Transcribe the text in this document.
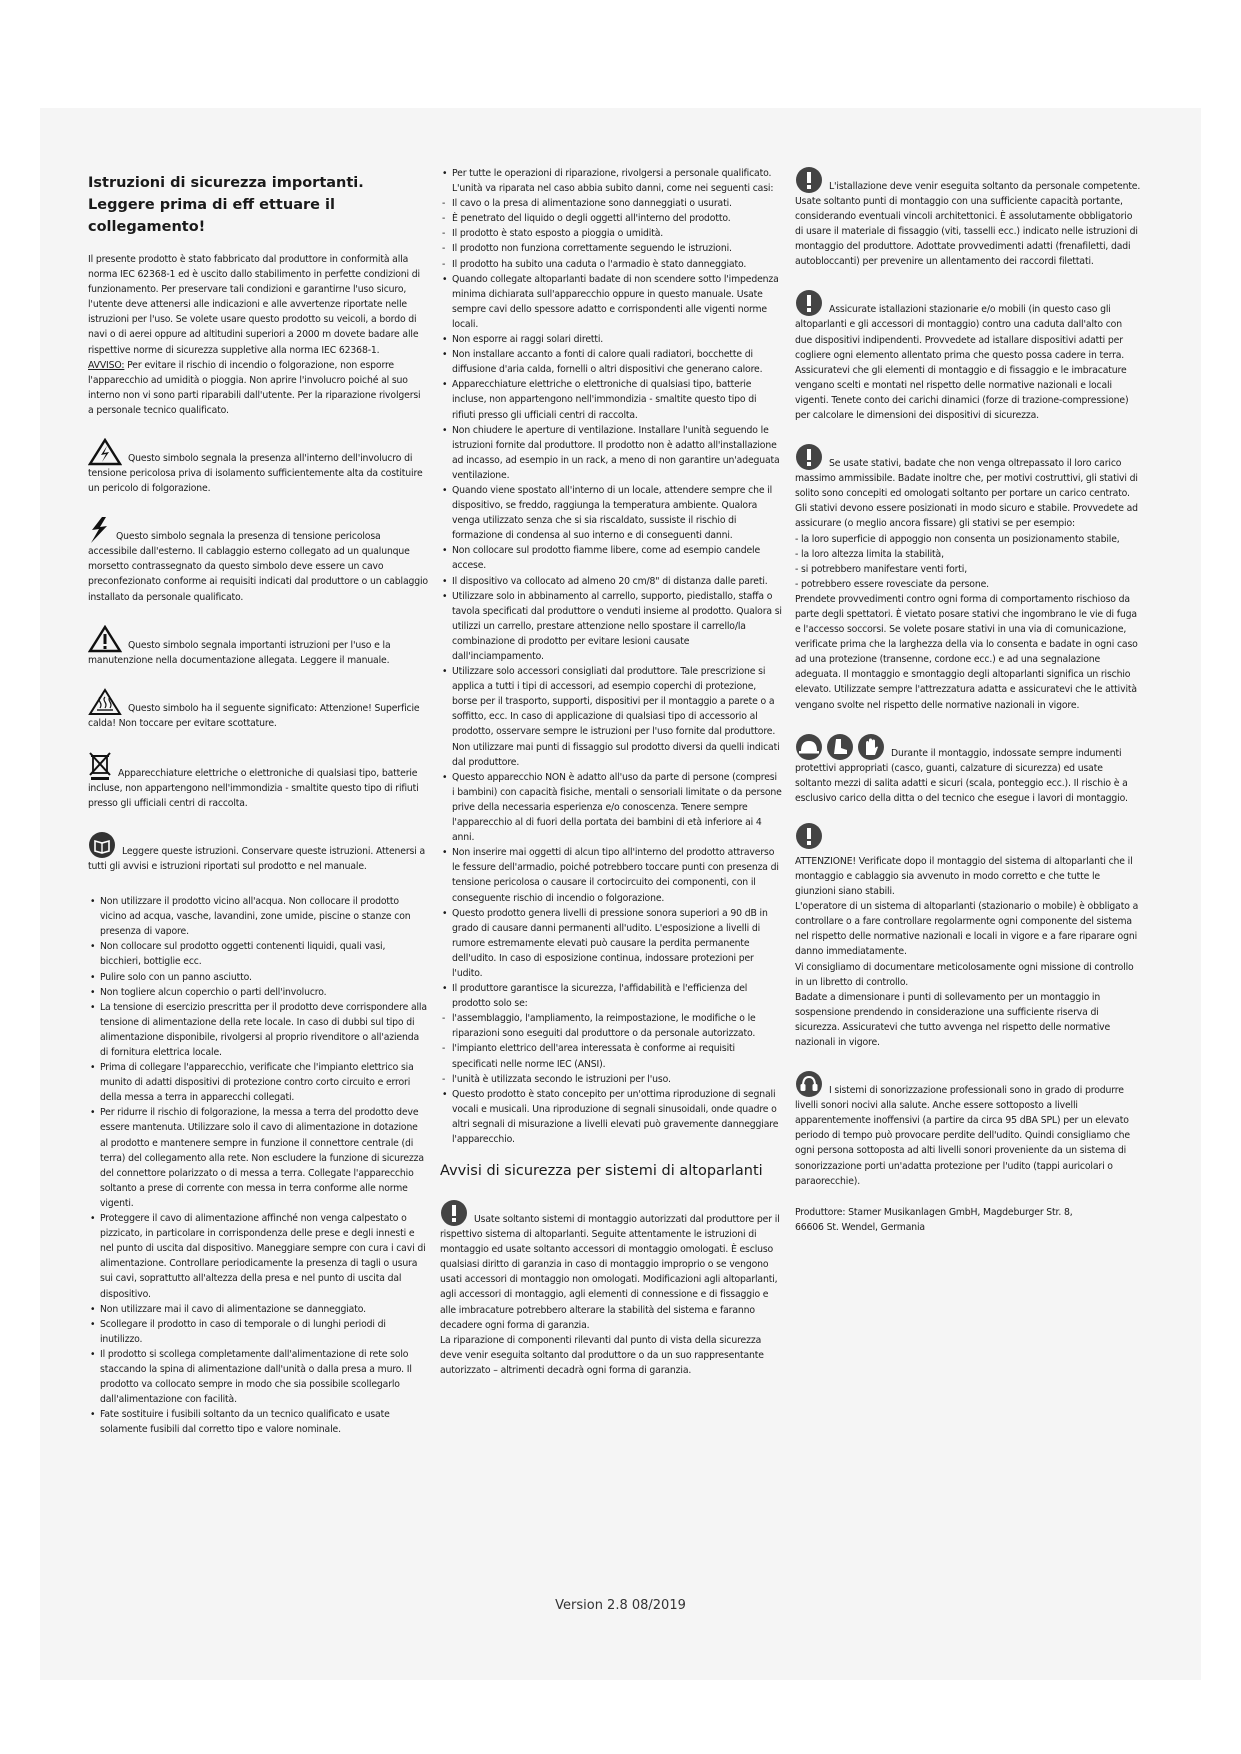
Istruzioni di sicurezza importanti.
Leggere prima di eff ettuare il collegamento!

Il presente prodotto è stato fabbricato dal produttore in conformità alla norma IEC 62368-1 ed è uscito dallo stabilimento in perfette condizioni di funzionamento. Per preservare tali condizioni e garantirne l'uso sicuro, l'utente deve attenersi alle indicazioni e alle avvertenze riportate nelle istruzioni per l'uso. Se volete usare questo prodotto su veicoli, a bordo di navi o di aerei oppure ad altitudini superiori a 2000 m dovete badare alle rispettive norme di sicurezza suppletive alla norma IEC 62368-1.

AVVISO: Per evitare il rischio di incendio o folgorazione, non esporre l'apparecchio ad umidità o pioggia. Non aprire l'involucro poiché al suo interno non vi sono parti riparabili dall'utente. Per la riparazione rivolgersi a personale tecnico qualificato.

Questo simbolo segnala la presenza all'interno dell'involucro di tensione pericolosa priva di isolamento sufficientemente alta da costituire un pericolo di folgorazione.

Questo simbolo segnala la presenza di tensione pericolosa accessibile dall'esterno. Il cablaggio esterno collegato ad un qualunque morsetto contrassegnato da questo simbolo deve essere un cavo preconfezionato conforme ai requisiti indicati dal produttore o un cablaggio installato da personale qualificato.

Questo simbolo segnala importanti istruzioni per l'uso e la manutenzione nella documentazione allegata. Leggere il manuale.

Questo simbolo ha il seguente significato: Attenzione! Superficie calda! Non toccare per evitare scottature.

Apparecchiature elettriche o elettroniche di qualsiasi tipo, batterie incluse, non appartengono nell'immondizia - smaltite questo tipo di rifiuti presso gli ufficiali centri di raccolta.

Leggere queste istruzioni. Conservare queste istruzioni. Attenersi a tutti gli avvisi e istruzioni riportati sul prodotto e nel manuale.

• Non utilizzare il prodotto vicino all'acqua. Non collocare il prodotto vicino ad acqua, vasche, lavandini, zone umide, piscine o stanze con presenza di vapore.
• Non collocare sul prodotto oggetti contenenti liquidi, quali vasi, bicchieri, bottiglie ecc.
• Pulire solo con un panno asciutto.
• Non togliere alcun coperchio o parti dell'involucro.
• La tensione di esercizio prescritta per il prodotto deve corrispondere alla tensione di alimentazione della rete locale. In caso di dubbi sul tipo di alimentazione disponibile, rivolgersi al proprio rivenditore o all'azienda di fornitura elettrica locale.
• Prima di collegare l'apparecchio, verificate che l'impianto elettrico sia munito di adatti dispositivi di protezione contro corto circuito e errori della messa a terra in apparecchi collegati.
• Per ridurre il rischio di folgorazione, la messa a terra del prodotto deve essere mantenuta. Utilizzare solo il cavo di alimentazione in dotazione al prodotto e mantenere sempre in funzione il connettore centrale (di terra) del collegamento alla rete. Non escludere la funzione di sicurezza del connettore polarizzato o di messa a terra. Collegate l'apparecchio soltanto a prese di corrente con messa in terra conforme alle norme vigenti.
• Proteggere il cavo di alimentazione affinché non venga calpestato o pizzicato, in particolare in corrispondenza delle prese e degli innesti e nel punto di uscita dal dispositivo. Maneggiare sempre con cura i cavi di alimentazione. Controllare periodicamente la presenza di tagli o usura sui cavi, soprattutto all'altezza della presa e nel punto di uscita dal dispositivo.
• Non utilizzare mai il cavo di alimentazione se danneggiato.
• Scollegare il prodotto in caso di temporale o di lunghi periodi di inutilizzo.
• Il prodotto si scollega completamente dall'alimentazione di rete solo staccando la spina di alimentazione dall'unità o dalla presa a muro. Il prodotto va collocato sempre in modo che sia possibile scollegarlo dall'alimentazione con facilità.
• Fate sostituire i fusibili soltanto da un tecnico qualificato e usate solamente fusibili dal corretto tipo e valore nominale.
• Per tutte le operazioni di riparazione, rivolgersi a personale qualificato. L'unità va riparata nel caso abbia subito danni, come nei seguenti casi:
- Il cavo o la presa di alimentazione sono danneggiati o usurati.
- È penetrato del liquido o degli oggetti all'interno del prodotto.
- Il prodotto è stato esposto a pioggia o umidità.
- Il prodotto non funziona correttamente seguendo le istruzioni.
- Il prodotto ha subito una caduta o l'armadio è stato danneggiato.
• Quando collegate altoparlanti badate di non scendere sotto l'impedenza minima dichiarata sull'apparecchio oppure in questo manuale. Usate sempre cavi dello spessore adatto e corrispondenti alle vigenti norme locali.
• Non esporre ai raggi solari diretti.
• Non installare accanto a fonti di calore quali radiatori, bocchette di diffusione d'aria calda, fornelli o altri dispositivi che generano calore.
• Apparecchiature elettriche o elettroniche di qualsiasi tipo, batterie incluse, non appartengono nell'immondizia - smaltite questo tipo di rifiuti presso gli ufficiali centri di raccolta.
• Non chiudere le aperture di ventilazione. Installare l'unità seguendo le istruzioni fornite dal produttore. Il prodotto non è adatto all'installazione ad incasso, ad esempio in un rack, a meno di non garantire un'adeguata ventilazione.
• Quando viene spostato all'interno di un locale, attendere sempre che il dispositivo, se freddo, raggiunga la temperatura ambiente. Qualora venga utilizzato senza che si sia riscaldato, sussiste il rischio di formazione di condensa al suo interno e di conseguenti danni.
• Non collocare sul prodotto fiamme libere, come ad esempio candele accese.
• Il dispositivo va collocato ad almeno 20 cm/8" di distanza dalle pareti.
• Utilizzare solo in abbinamento al carrello, supporto, piedistallo, staffa o tavola specificati dal produttore o venduti insieme al prodotto. Qualora si utilizzi un carrello, prestare attenzione nello spostare il carrello/la combinazione di prodotto per evitare lesioni causate dall'inciampamento.
• Utilizzare solo accessori consigliati dal produttore. Tale prescrizione si applica a tutti i tipi di accessori, ad esempio coperchi di protezione, borse per il trasporto, supporti, dispositivi per il montaggio a parete o a soffitto, ecc. In caso di applicazione di qualsiasi tipo di accessorio al prodotto, osservare sempre le istruzioni per l'uso fornite dal produttore. Non utilizzare mai punti di fissaggio sul prodotto diversi da quelli indicati dal produttore.
• Questo apparecchio NON è adatto all'uso da parte di persone (compresi i bambini) con capacità fisiche, mentali o sensoriali limitate o da persone prive della necessaria esperienza e/o conoscenza. Tenere sempre l'apparecchio al di fuori della portata dei bambini di età inferiore ai 4 anni.
• Non inserire mai oggetti di alcun tipo all'interno del prodotto attraverso le fessure dell'armadio, poiché potrebbero toccare punti con presenza di tensione pericolosa o causare il cortocircuito dei componenti, con il conseguente rischio di incendio o folgorazione.
• Questo prodotto genera livelli di pressione sonora superiori a 90 dB in grado di causare danni permanenti all'udito. L'esposizione a livelli di rumore estremamente elevati può causare la perdita permanente dell'udito. In caso di esposizione continua, indossare protezioni per l'udito.
• Il produttore garantisce la sicurezza, l'affidabilità e l'efficienza del prodotto solo se:
- l'assemblaggio, l'ampliamento, la reimpostazione, le modifiche o le riparazioni sono eseguiti dal produttore o da personale autorizzato.
- l'impianto elettrico dell'area interessata è conforme ai requisiti specificati nelle norme IEC (ANSI).
- l'unità è utilizzata secondo le istruzioni per l'uso.
• Questo prodotto è stato concepito per un'ottima riproduzione di segnali vocali e musicali. Una riproduzione di segnali sinusoidali, onde quadre o altri segnali di misurazione a livelli elevati può gravemente danneggiare l'apparecchio.
Avvisi di sicurezza per sistemi di altoparlanti

Usate soltanto sistemi di montaggio autorizzati dal produttore per il rispettivo sistema di altoparlanti. Seguite attentamente le istruzioni di montaggio ed usate soltanto accessori di montaggio omologati. È escluso qualsiasi diritto di garanzia in caso di montaggio improprio o se vengono usati accessori di montaggio non omologati. Modificazioni agli altoparlanti, agli accessori di montaggio, agli elementi di connessione e di fissaggio e alle imbracature potrebbero alterare la stabilità del sistema e faranno decadere ogni forma di garanzia.

La riparazione di componenti rilevanti dal punto di vista della sicurezza deve venir eseguita soltanto dal produttore o da un suo rappresentante autorizzato – altrimenti decadrà ogni forma di garanzia.

L'istallazione deve venir eseguita soltanto da personale competente. Usate soltanto punti di montaggio con una sufficiente capacità portante, considerando eventuali vincoli architettonici. È assolutamente obbligatorio di usare il materiale di fissaggio (viti, tasselli ecc.) indicato nelle istruzioni di montaggio del produttore. Adottate provvedimenti adatti (frenafiletti, dadi autobloccanti) per prevenire un allentamento dei raccordi filettati.

Assicurate istallazioni stazionarie e/o mobili (in questo caso gli altoparlanti e gli accessori di montaggio) contro una caduta dall'alto con due dispositivi indipendenti. Provvedete ad istallare dispositivi adatti per cogliere ogni elemento allentato prima che questo possa cadere in terra. Assicuratevi che gli elementi di montaggio e di fissaggio e le imbracature vengano scelti e montati nel rispetto delle normative nazionali e locali vigenti. Tenete conto dei carichi dinamici (forze di trazione-compressione) per calcolare le dimensioni dei dispositivi di sicurezza.

Se usate stativi, badate che non venga oltrepassato il loro carico massimo ammissibile. Badate inoltre che, per motivi costruttivi, gli stativi di solito sono concepiti ed omologati soltanto per portare un carico centrato. Gli stativi devono essere posizionati in modo sicuro e stabile. Provvedete ad assicurare (o meglio ancora fissare) gli stativi se per esempio:

- la loro superficie di appoggio non consenta un posizionamento stabile,

- la loro altezza limita la stabilità,

- si potrebbero manifestare venti forti,

- potrebbero essere rovesciate da persone.

Prendete provvedimenti contro ogni forma di comportamento rischioso da parte degli spettatori. È vietato posare stativi che ingombrano le vie di fuga e l'accesso soccorsi. Se volete posare stativi in una via di comunicazione, verificate prima che la larghezza della via lo consenta e badate in ogni caso ad una protezione (transenne, cordone ecc.) e ad una segnalazione adeguata. Il montaggio e smontaggio degli altoparlanti significa un rischio elevato. Utilizzate sempre l'attrezzatura adatta e assicuratevi che le attività vengano svolte nel rispetto delle normative nazionali in vigore.

Durante il montaggio, indossate sempre indumenti protettivi appropriati (casco, guanti, calzature di sicurezza) ed usate soltanto mezzi di salita adatti e sicuri (scala, ponteggio ecc.). Il rischio è a esclusivo carico della ditta o del tecnico che esegue i lavori di montaggio.

ATTENZIONE! Verificate dopo il montaggio del sistema di altoparlanti che il montaggio e cablaggio sia avvenuto in modo corretto e che tutte le giunzioni siano stabili.

L'operatore di un sistema di altoparlanti (stazionario o mobile) è obbligato a controllare o a fare controllare regolarmente ogni componente del sistema nel rispetto delle normative nazionali e locali in vigore e a fare riparare ogni danno immediatamente.

Vi consigliamo di documentare meticolosamente ogni missione di controllo in un libretto di controllo.

Badate a dimensionare i punti di sollevamento per un montaggio in sospensione prendendo in considerazione una sufficiente riserva di sicurezza. Assicuratevi che tutto avvenga nel rispetto delle normative nazionali in vigore.

I sistemi di sonorizzazione professionali sono in grado di produrre livelli sonori nocivi alla salute. Anche essere sottoposto a livelli apparentemente inoffensivi (a partire da circa 95 dBA SPL) per un elevato periodo di tempo può provocare perdite dell'udito. Quindi consigliamo che ogni persona sottoposta ad alti livelli sonori proveniente da un sistema di sonorizzazione porti un'adatta protezione per l'udito (tappi auricolari o paraorecchie).

Produttore: Stamer Musikanlagen GmbH, Magdeburger Str. 8,

66606 St. Wendel, Germania

Version 2.8 08/2019
